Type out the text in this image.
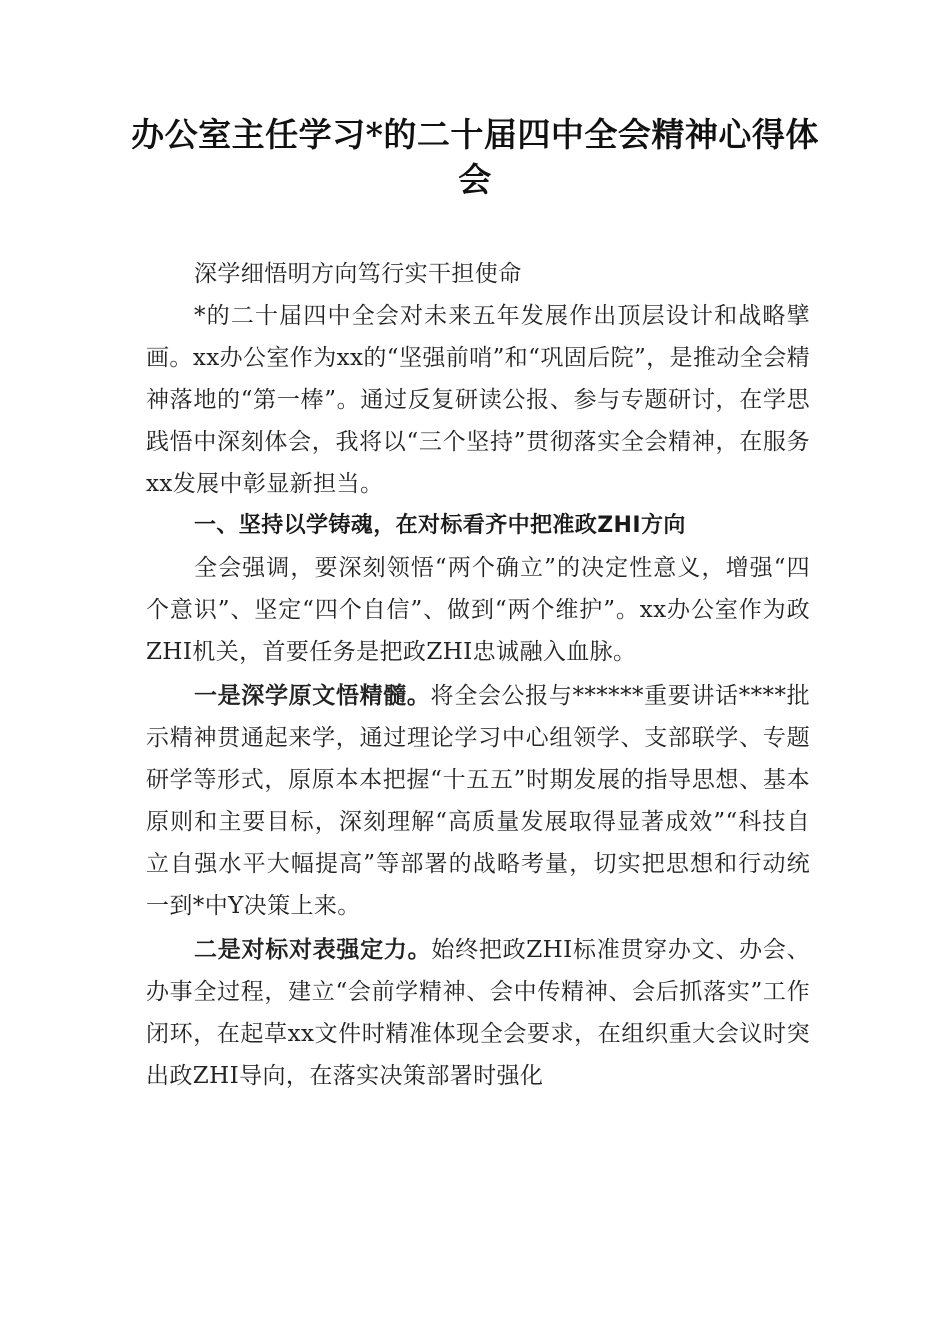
办公室主任学习*的二十届四中全会精神心得体会

深学细悟明方向笃行实干担使命

*的二十届四中全会对未来五年发展作出顶层设计和战略擘画。xx办公室作为xx的“坚强前哨”和“巩固后院”，是推动全会精神落地的“第一棒”。通过反复研读公报、参与专题研讨，在学思践悟中深刻体会，我将以“三个坚持”贯彻落实全会精神，在服务xx发展中彰显新担当。

一、坚持以学铸魂，在对标看齐中把准政ZHI方向

全会强调，要深刻领悟“两个确立”的决定性意义，增强“四个意识”、坚定“四个自信”、做到“两个维护”。xx办公室作为政ZHI机关，首要任务是把政ZHI忠诚融入血脉。

一是深学原文悟精髓。将全会公报与******重要讲话****批示精神贯通起来学，通过理论学习中心组领学、支部联学、专题研学等形式，原原本本把握“十五五”时期发展的指导思想、基本原则和主要目标，深刻理解“高质量发展取得显著成效”“科技自立自强水平大幅提高”等部署的战略考量，切实把思想和行动统一到*中Y决策上来。

二是对标对表强定力。始终把政ZHI标准贯穿办文、办会、办事全过程，建立“会前学精神、会中传精神、会后抓落实”工作闭环，在起草xx文件时精准体现全会要求，在组织重大会议时突出政ZHI导向，在落实决策部署时强化
